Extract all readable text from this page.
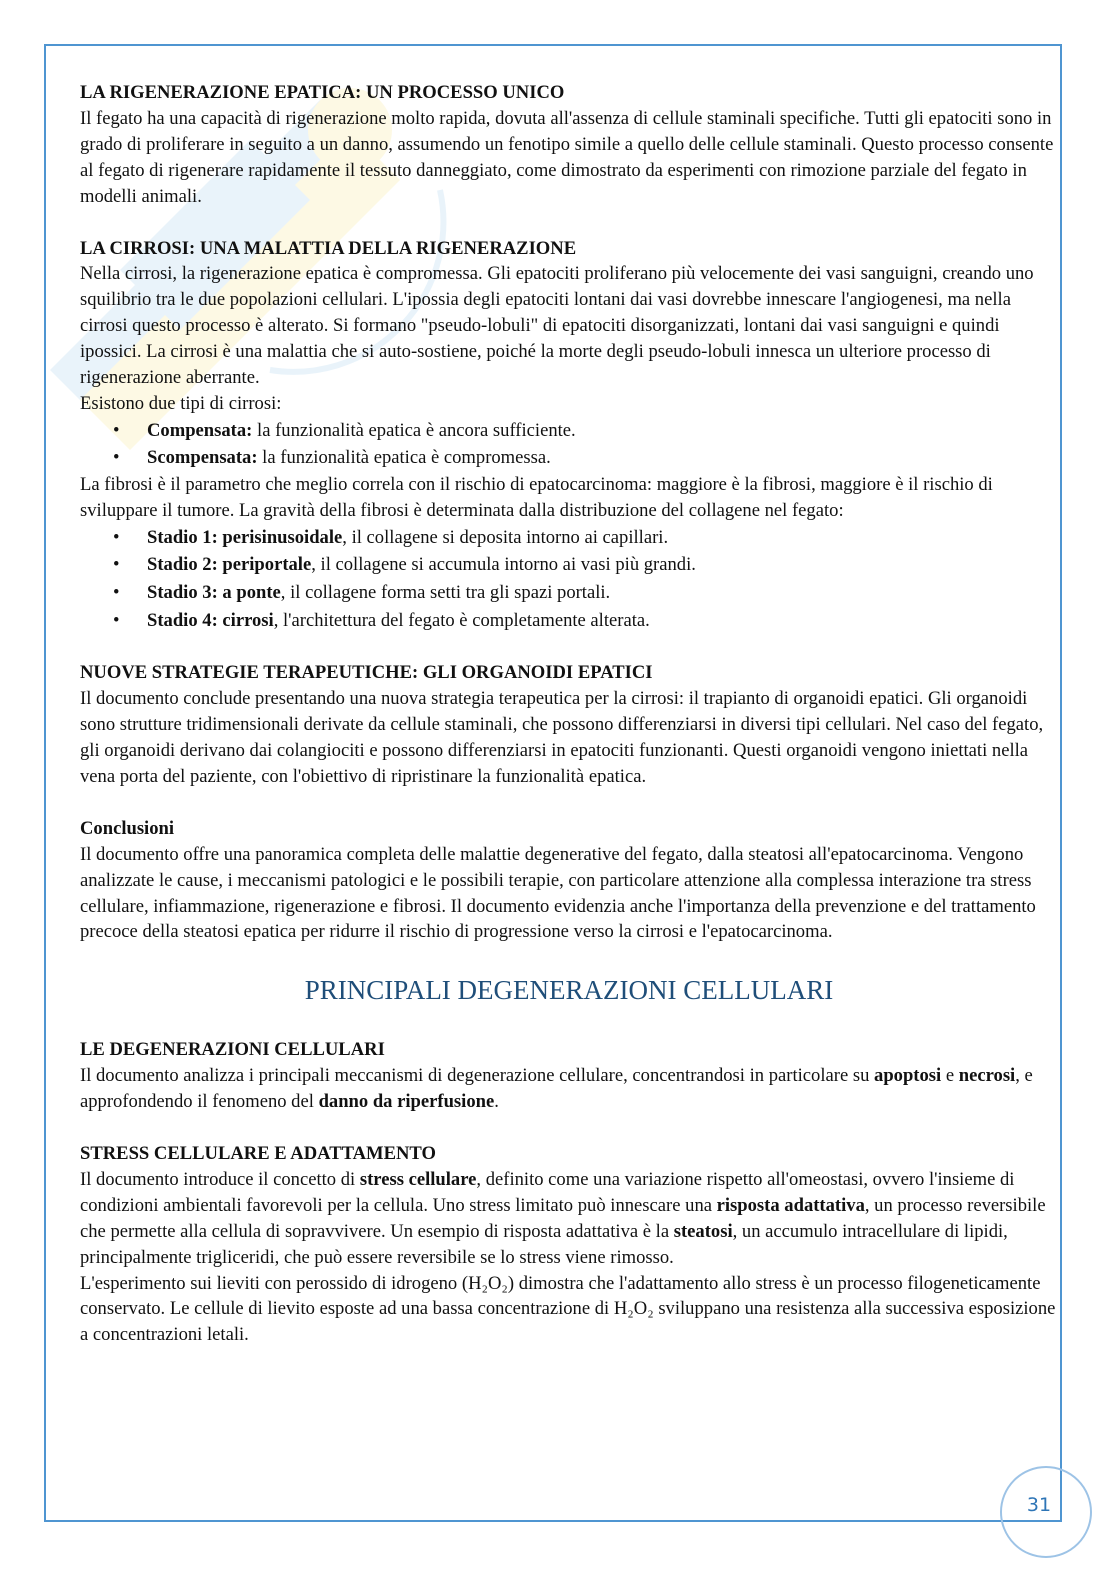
LA RIGENERAZIONE EPATICA: UN PROCESSO UNICO

Il fegato ha una capacità di rigenerazione molto rapida, dovuta all'assenza di cellule staminali specifiche. Tutti gli epatociti sono in grado di proliferare in seguito a un danno, assumendo un fenotipo simile a quello delle cellule staminali. Questo processo consente al fegato di rigenerare rapidamente il tessuto danneggiato, come dimostrato da esperimenti con rimozione parziale del fegato in modelli animali.

LA CIRROSI: UNA MALATTIA DELLA RIGENERAZIONE

Nella cirrosi, la rigenerazione epatica è compromessa. Gli epatociti proliferano più velocemente dei vasi sanguigni, creando uno squilibrio tra le due popolazioni cellulari. L'ipossia degli epatociti lontani dai vasi dovrebbe innescare l'angiogenesi, ma nella cirrosi questo processo è alterato. Si formano "pseudo-lobuli" di epatociti disorganizzati, lontani dai vasi sanguigni e quindi ipossici. La cirrosi è una malattia che si auto-sostiene, poiché la morte degli pseudo-lobuli innesca un ulteriore processo di rigenerazione aberrante.

Esistono due tipi di cirrosi:

• Compensata: la funzionalità epatica è ancora sufficiente.
• Scompensata: la funzionalità epatica è compromessa.

La fibrosi è il parametro che meglio correla con il rischio di epatocarcinoma: maggiore è la fibrosi, maggiore è il rischio di sviluppare il tumore. La gravità della fibrosi è determinata dalla distribuzione del collagene nel fegato:

• Stadio 1: perisinusoidale, il collagene si deposita intorno ai capillari.
• Stadio 2: periportale, il collagene si accumula intorno ai vasi più grandi.
• Stadio 3: a ponte, il collagene forma setti tra gli spazi portali.
• Stadio 4: cirrosi, l'architettura del fegato è completamente alterata.

NUOVE STRATEGIE TERAPEUTICHE: GLI ORGANOIDI EPATICI

Il documento conclude presentando una nuova strategia terapeutica per la cirrosi: il trapianto di organoidi epatici. Gli organoidi sono strutture tridimensionali derivate da cellule staminali, che possono differenziarsi in diversi tipi cellulari. Nel caso del fegato, gli organoidi derivano dai colangiociti e possono differenziarsi in epatociti funzionanti. Questi organoidi vengono iniettati nella vena porta del paziente, con l'obiettivo di ripristinare la funzionalità epatica.

Conclusioni

Il documento offre una panoramica completa delle malattie degenerative del fegato, dalla steatosi all'epatocarcinoma. Vengono analizzate le cause, i meccanismi patologici e le possibili terapie, con particolare attenzione alla complessa interazione tra stress cellulare, infiammazione, rigenerazione e fibrosi. Il documento evidenzia anche l'importanza della prevenzione e del trattamento precoce della steatosi epatica per ridurre il rischio di progressione verso la cirrosi e l'epatocarcinoma.

PRINCIPALI DEGENERAZIONI CELLULARI

LE DEGENERAZIONI CELLULARI

Il documento analizza i principali meccanismi di degenerazione cellulare, concentrandosi in particolare su apoptosi e necrosi, e approfondendo il fenomeno del danno da riperfusione.

STRESS CELLULARE E ADATTAMENTO

Il documento introduce il concetto di stress cellulare, definito come una variazione rispetto all'omeostasi, ovvero l'insieme di condizioni ambientali favorevoli per la cellula. Uno stress limitato può innescare una risposta adattativa, un processo reversibile che permette alla cellula di sopravvivere. Un esempio di risposta adattativa è la steatosi, un accumulo intracellulare di lipidi, principalmente trigliceridi, che può essere reversibile se lo stress viene rimosso.

L'esperimento sui lieviti con perossido di idrogeno (H₂O₂) dimostra che l'adattamento allo stress è un processo filogeneticamente conservato. Le cellule di lievito esposte ad una bassa concentrazione di H₂O₂ sviluppano una resistenza alla successiva esposizione a concentrazioni letali.

31
